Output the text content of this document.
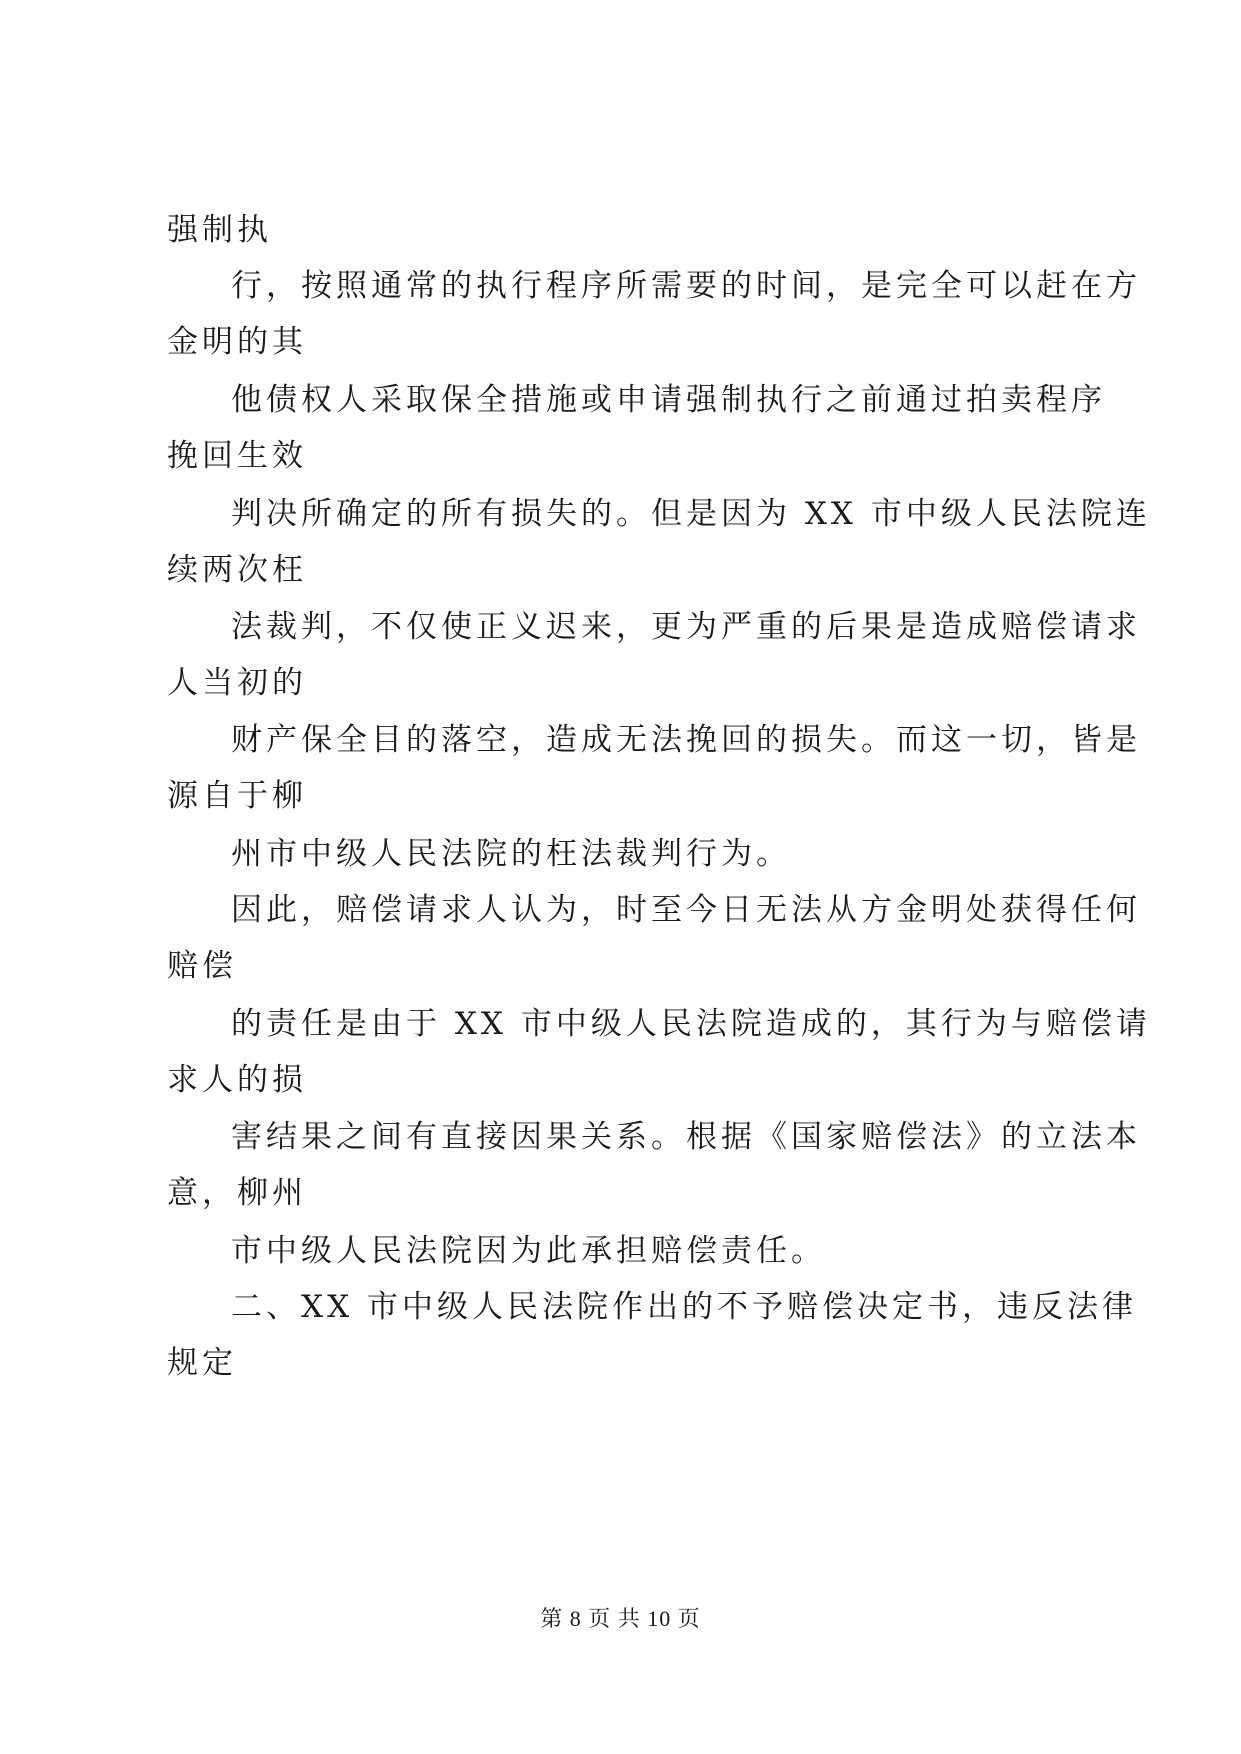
强制执
行，按照通常的执行程序所需要的时间，是完全可以赶在方
金明的其
他债权人采取保全措施或申请强制执行之前通过拍卖程序
挽回生效
判决所确定的所有损失的。但是因为 XX 市中级人民法院连
续两次枉
法裁判，不仅使正义迟来，更为严重的后果是造成赔偿请求
人当初的
财产保全目的落空，造成无法挽回的损失。而这一切，皆是
源自于柳
州市中级人民法院的枉法裁判行为。
因此，赔偿请求人认为，时至今日无法从方金明处获得任何
赔偿
的责任是由于 XX 市中级人民法院造成的，其行为与赔偿请
求人的损
害结果之间有直接因果关系。根据《国家赔偿法》的立法本
意，柳州
市中级人民法院因为此承担赔偿责任。
二、XX 市中级人民法院作出的不予赔偿决定书，违反法律
规定
第 8 页 共 10 页
